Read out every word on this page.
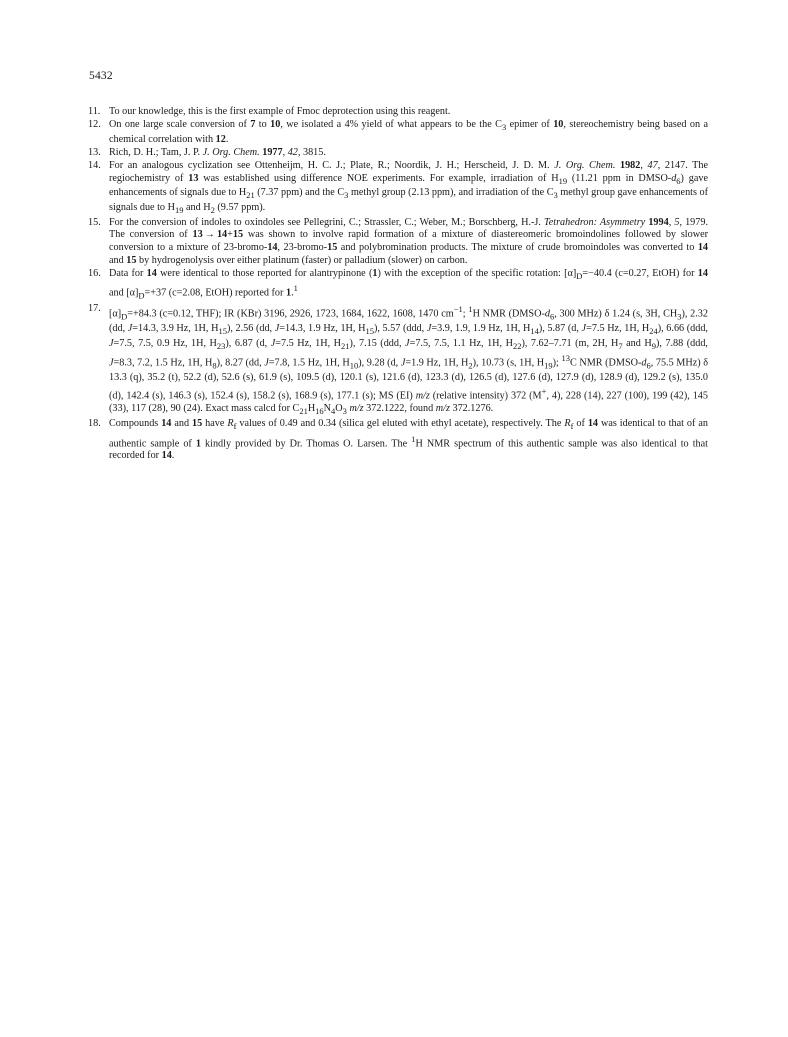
5432
11. To our knowledge, this is the first example of Fmoc deprotection using this reagent.
12. On one large scale conversion of 7 to 10, we isolated a 4% yield of what appears to be the $C_3$ epimer of 10, stereochemistry being based on a chemical correlation with 12.
13. Rich, D. H.; Tam, J. P. J. Org. Chem. 1977, 42, 3815.
14. For an analogous cyclization see Ottenheijm, H. C. J.; Plate, R.; Noordik, J. H.; Herscheid, J. D. M. J. Org. Chem. 1982, 47, 2147. The regiochemistry of 13 was established using difference NOE experiments. For example, irradiation of $H_{19}$ (11.21 ppm in DMSO-$d_6$) gave enhancements of signals due to $H_{21}$ (7.37 ppm) and the $C_3$ methyl group (2.13 ppm), and irradiation of the $C_3$ methyl group gave enhancements of signals due to $H_{19}$ and $H_2$ (9.57 ppm).
15. For the conversion of indoles to oxindoles see Pellegrini, C.; Strassler, C.; Weber, M.; Borschberg, H.-J. Tetrahedron: Asymmetry 1994, 5, 1979. The conversion of 13 → 14+15 was shown to involve rapid formation of a mixture of diastereomeric bromoindolines followed by slower conversion to a mixture of 23-bromo-14, 23-bromo-15 and polybromination products. The mixture of crude bromoindoles was converted to 14 and 15 by hydrogenolysis over either platinum (faster) or palladium (slower) on carbon.
16. Data for 14 were identical to those reported for alantrypinone (1) with the exception of the specific rotation: $[\alpha]_D=-40.4$ (c=0.27, EtOH) for 14 and $[\alpha]_D=+37$ (c=2.08, EtOH) reported for 1.$^1$
17. $[\alpha]_D=+84.3$ (c=0.12, THF); IR (KBr) 3196, 2926, 1723, 1684, 1622, 1608, 1470 $cm^{-1}$; $^1$H NMR ($DMSO-d_6$, 300 MHz) δ 1.24 (s, 3H, $CH_3$), 2.32 (dd, J=14.3, 3.9 Hz, 1H, $H_{15}$), 2.56 (dd, J=14.3, 1.9 Hz, 1H, $H_{15}$), 5.57 (ddd, J=3.9, 1.9, 1.9 Hz, 1H, $H_{14}$), 5.87 (d, J=7.5 Hz, 1H, $H_{24}$), 6.66 (ddd, J=7.5, 7.5, 0.9 Hz, 1H, $H_{23}$), 6.87 (d, J=7.5 Hz, 1H, $H_{21}$), 7.15 (ddd, J=7.5, 7.5, 1.1 Hz, 1H, $H_{22}$), 7.62–7.71 (m, 2H, $H_7$ and $H_9$), 7.88 (ddd, J=8.3, 7.2, 1.5 Hz, 1H, $H_8$), 8.27 (dd, J=7.8, 1.5 Hz, 1H, $H_{10}$), 9.28 (d, J=1.9 Hz, 1H, $H_2$), 10.73 (s, 1H, $H_{19}$); $^{13}$C NMR ($DMSO-d_6$, 75.5 MHz) δ 13.3 (q), 35.2 (t), 52.2 (d), 52.6 (s), 61.9 (s), 109.5 (d), 120.1 (s), 121.6 (d), 123.3 (d), 126.5 (d), 127.6 (d), 127.9 (d), 128.9 (d), 129.2 (s), 135.0 (d), 142.4 (s), 146.3 (s), 152.4 (s), 158.2 (s), 168.9 (s), 177.1 (s); MS (EI) m/z (relative intensity) 372 (M+, 4), 228 (14), 227 (100), 199 (42), 145 (33), 117 (28), 90 (24). Exact mass calcd for $C_{21}H_{16}N_4O_3$ m/z 372.1222, found m/z 372.1276.
18. Compounds 14 and 15 have $R_f$ values of 0.49 and 0.34 (silica gel eluted with ethyl acetate), respectively. The $R_f$ of 14 was identical to that of an authentic sample of 1 kindly provided by Dr. Thomas O. Larsen. The $^1$H NMR spectrum of this authentic sample was also identical to that recorded for 14.
